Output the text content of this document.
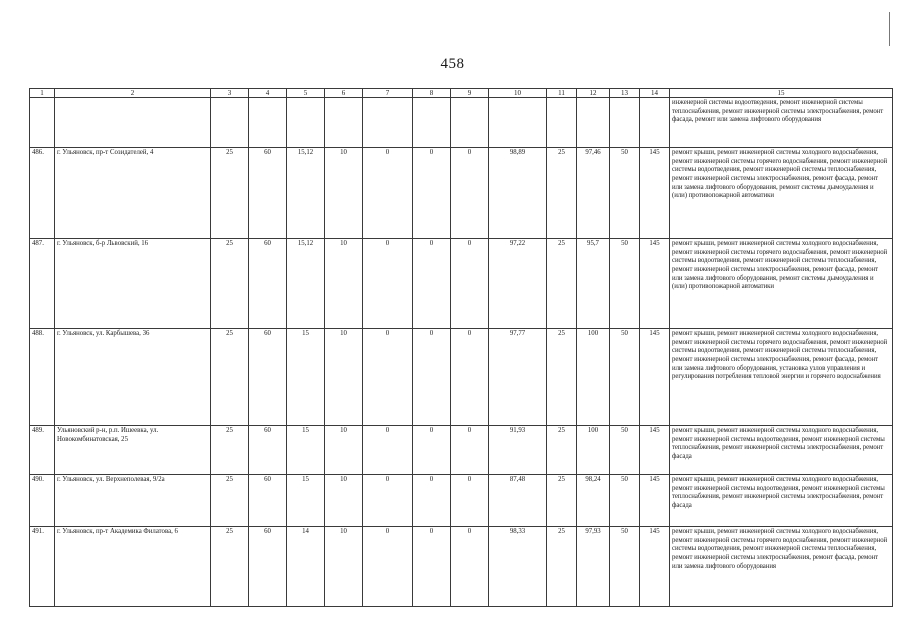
458
1	2	3	4	5	6	7	8	9	10	11	12	13	14	15
														инженерной системы водоотведения, ремонт инженерной системы теплоснабжения, ремонт инженерной системы электроснабжения, ремонт фасада, ремонт или замена лифтового оборудования
486.	г. Ульяновск, пр-т Созидателей, 4	25	60	15,12	10	0	0	0	98,89	25	97,46	50	145	ремонт крыши, ремонт инженерной системы холодного водоснабжения, ремонт инженерной системы горячего водоснабжения, ремонт инженерной системы водоотведения, ремонт инженерной системы теплоснабжения, ремонт инженерной системы электроснабжения, ремонт фасада, ремонт или замена лифтового оборудования, ремонт системы дымоудаления и (или) противопожарной автоматики
487.	г. Ульяновск, б-р Львовский, 16	25	60	15,12	10	0	0	0	97,22	25	95,7	50	145	ремонт крыши, ремонт инженерной системы холодного водоснабжения, ремонт инженерной системы горячего водоснабжения, ремонт инженерной системы водоотведения, ремонт инженерной системы теплоснабжения, ремонт инженерной системы электроснабжения, ремонт фасада, ремонт или замена лифтового оборудования, ремонт системы дымоудаления и (или) противопожарной автоматики
488.	г. Ульяновск, ул. Карбышева, 36	25	60	15	10	0	0	0	97,77	25	100	50	145	ремонт крыши, ремонт инженерной системы холодного водоснабжения, ремонт инженерной системы горячего водоснабжения, ремонт инженерной системы водоотведения, ремонт инженерной системы теплоснабжения, ремонт инженерной системы электроснабжения, ремонт фасада, ремонт или замена лифтового оборудования, установка узлов управления и регулирования потребления тепловой энергии и горячего водоснабжения
489.	Ульяновский р-н, р.п. Ишеевка, ул. Новокомбинатовская, 25	25	60	15	10	0	0	0	91,93	25	100	50	145	ремонт крыши, ремонт инженерной системы холодного водоснабжения, ремонт инженерной системы водоотведения, ремонт инженерной системы теплоснабжения, ремонт инженерной системы электроснабжения, ремонт фасада
490.	г. Ульяновск, ул. Верхнеполевая, 9/2а	25	60	15	10	0	0	0	87,48	25	98,24	50	145	ремонт крыши, ремонт инженерной системы холодного водоснабжения, ремонт инженерной системы водоотведения, ремонт инженерной системы теплоснабжения, ремонт инженерной системы электроснабжения, ремонт фасада
491.	г. Ульяновск, пр-т Академика Филатова, 6	25	60	14	10	0	0	0	98,33	25	97,93	50	145	ремонт крыши, ремонт инженерной системы холодного водоснабжения, ремонт инженерной системы горячего водоснабжения, ремонт инженерной системы водоотведения, ремонт инженерной системы теплоснабжения, ремонт инженерной системы электроснабжения, ремонт фасада, ремонт или замена лифтового оборудования
